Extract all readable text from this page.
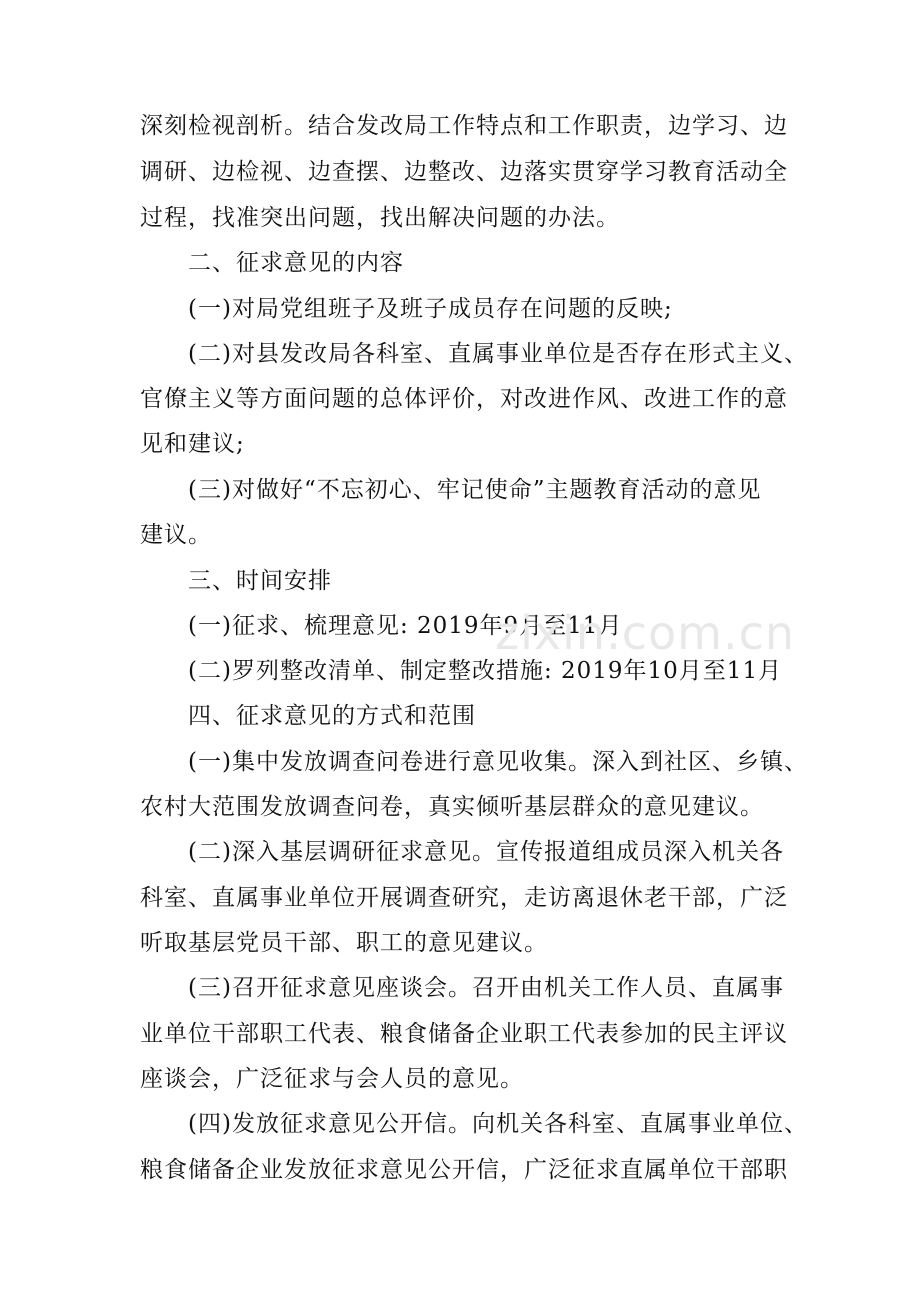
深刻检视剖析。结合发改局工作特点和工作职责，边学习、边
调研、边检视、边查摆、边整改、边落实贯穿学习教育活动全
过程，找准突出问题，找出解决问题的办法。
二、征求意见的内容
(一)对局党组班子及班子成员存在问题的反映;
(二)对县发改局各科室、直属事业单位是否存在形式主义、
官僚主义等方面问题的总体评价，对改进作风、改进工作的意
见和建议;
(三)对做好“不忘初心、牢记使命”主题教育活动的意见
建议。
三、时间安排
(一)征求、梳理意见: 2019年9月至11月
(二)罗列整改清单、制定整改措施: 2019年10月至11月
四、征求意见的方式和范围
(一)集中发放调查问卷进行意见收集。深入到社区、乡镇、
农村大范围发放调查问卷，真实倾听基层群众的意见建议。
(二)深入基层调研征求意见。宣传报道组成员深入机关各
科室、直属事业单位开展调查研究，走访离退休老干部，广泛
听取基层党员干部、职工的意见建议。
(三)召开征求意见座谈会。召开由机关工作人员、直属事
业单位干部职工代表、粮食储备企业职工代表参加的民主评议
座谈会，广泛征求与会人员的意见。
(四)发放征求意见公开信。向机关各科室、直属事业单位、
粮食储备企业发放征求意见公开信，广泛征求直属单位干部职
zixin.com.cn
